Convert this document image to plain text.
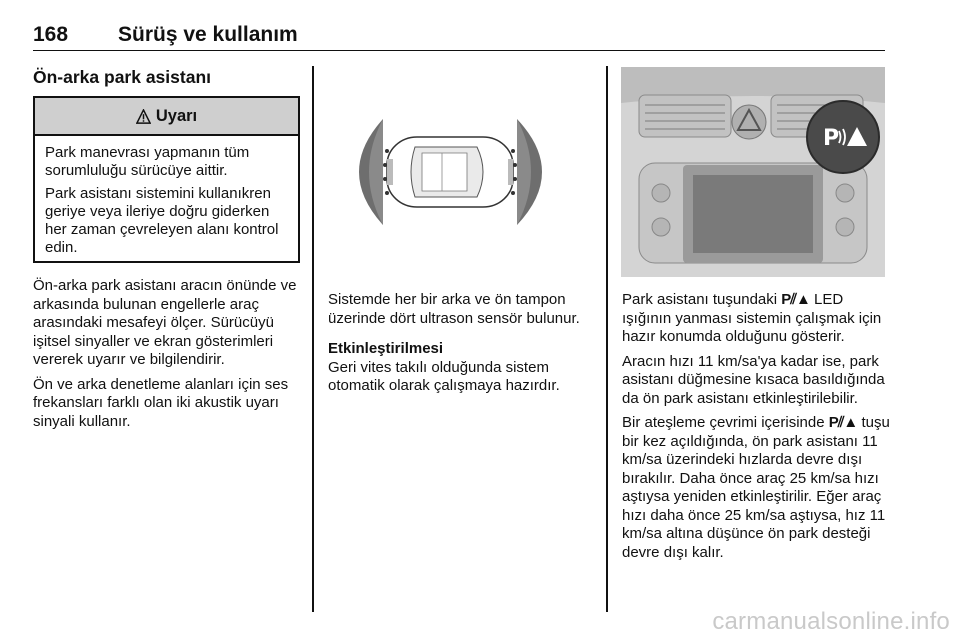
168 Sürüş ve kullanım
Ön-arka park asistanı
Uyarı

Park manevrası yapmanın tüm sorumluluğu sürücüye aittir.

Park asistanı sistemini kullanıkren geriye veya ileriye doğru giderken her zaman çevreleyen alanı kontrol edin.

Ön-arka park asistanı aracın önünde ve arkasında bulunan engellerle araç arasındaki mesafeyi ölçer. Sürücüyü işitsel sinyaller ve ekran gösterimleri vererek uyarır ve bilgilendirir.

Ön ve arka denetleme alanları için ses frekansları farklı olan iki akustik uyarı sinyali kullanır.

Sistemde her bir arka ve ön tampon üzerinde dört ultrason sensör bulunur.

Etkinleştirilmesi

Geri vites takılı olduğunda sistem otomatik olarak çalışmaya hazırdır.

P

Park asistanı tuşundaki P⫽▲ LED ışığının yanması sistemin çalışmak için hazır konumda olduğunu gösterir.

Aracın hızı 11 km/sa'ya kadar ise, park asistanı düğmesine kısaca basıldığında da ön park asistanı etkinleştirilebilir.

Bir ateşleme çevrimi içerisinde P⫽▲ tuşu bir kez açıldığında, ön park asistanı 11 km/sa üzerindeki hızlarda devre dışı bırakılır. Daha önce araç 25 km/sa hızı aştıysa yeniden etkinleştirilir. Eğer araç hızı daha önce 25 km/sa aştıysa, hız 11 km/sa altına düşünce ön park desteği devre dışı kalır.

carmanualsonline.info
